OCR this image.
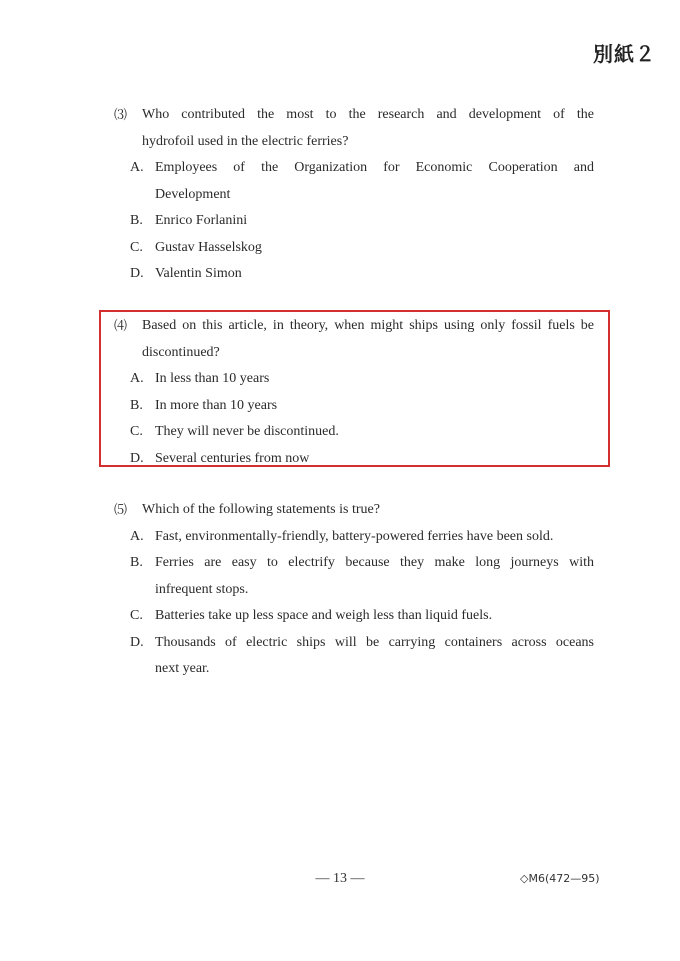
別紙２
⑶	Who contributed the most to the research and development of the
hydrofoil used in the electric ferries?
A. Employees of the Organization for Economic Cooperation and
Development
B. Enrico Forlanini
C. Gustav Hasselskog
D. Valentin Simon
⑷	Based on this article, in theory, when might ships using only fossil fuels be
discontinued?
A. In less than 10 years
B. In more than 10 years
C. They will never be discontinued.
D. Several centuries from now
⑸	Which of the following statements is true?
A. Fast, environmentally-friendly, battery-powered ferries have been sold.
B. Ferries are easy to electrify because they make long journeys with
infrequent stops.
C. Batteries take up less space and weigh less than liquid fuels.
D. Thousands of electric ships will be carrying containers across oceans
next year.
— 13 —	◇M6(472—95)
